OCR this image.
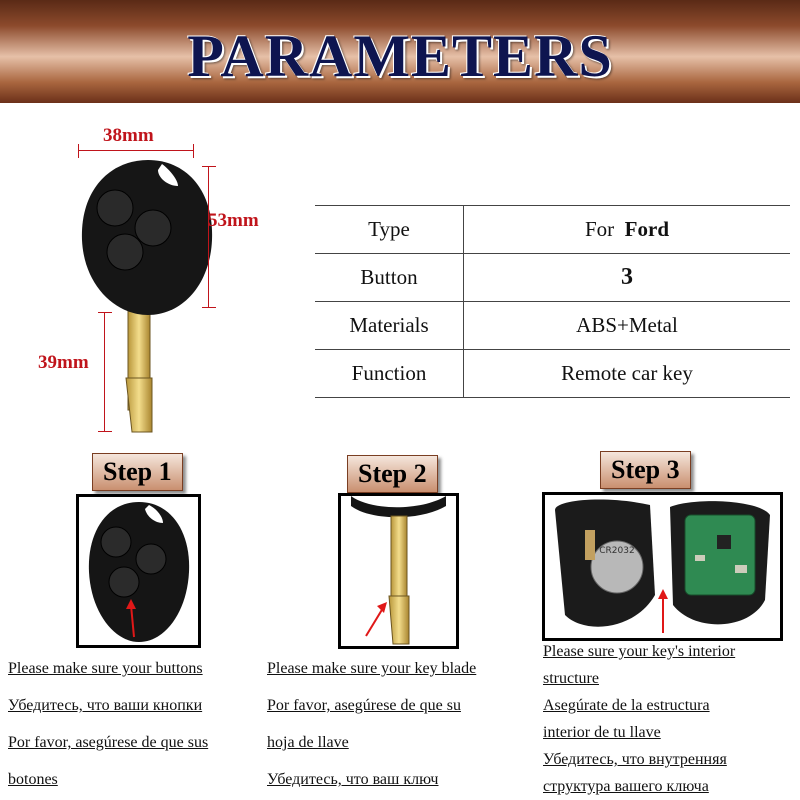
PARAMETERS
38mm
53mm
39mm
Type	For Ford
Button	3
Materials	ABS+Metal
Function	Remote car key
Step 1	Step 2	Step 3
CR2032
Please make sure your buttons
Убедитесь, что ваши кнопки
Por favor, asegúrese de que sus
botones
Please make sure your key blade
Por favor, asegúrese de que su
hoja de llave
Убедитесь, что ваш ключ
Please sure your key's interior
structure
Asegúrate de la estructura
interior de tu llave
Убедитесь, что внутренняя
структура вашего ключа
